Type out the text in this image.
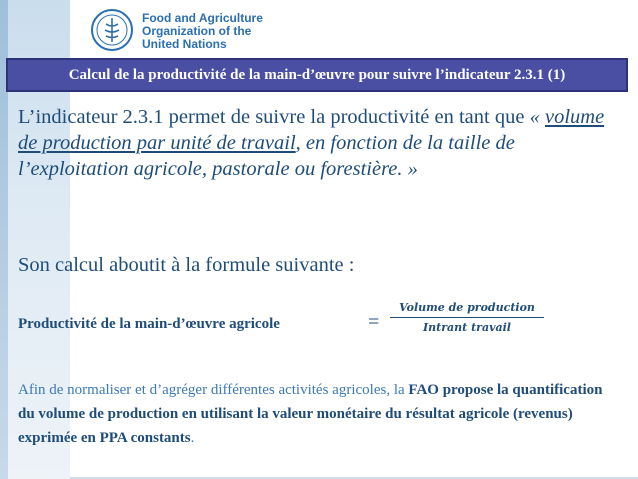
Food and Agriculture
Organization of the
United Nations
Calcul de la productivité de la main-d’œuvre pour suivre l’indicateur 2.3.1 (1)

L’indicateur 2.3.1 permet de suivre la productivité en tant que « volume de production par unité de travail, en fonction de la taille de l’exploitation agricole, pastorale ou forestière. »

Son calcul aboutit à la formule suivante :

Productivité de la main-d’œuvre agricole	=
Volume de production
Intrant travail

Afin de normaliser et d’agréger différentes activités agricoles, la FAO propose la quantification du volume de production en utilisant la valeur monétaire du résultat agricole (revenus) exprimée en PPA constants.
